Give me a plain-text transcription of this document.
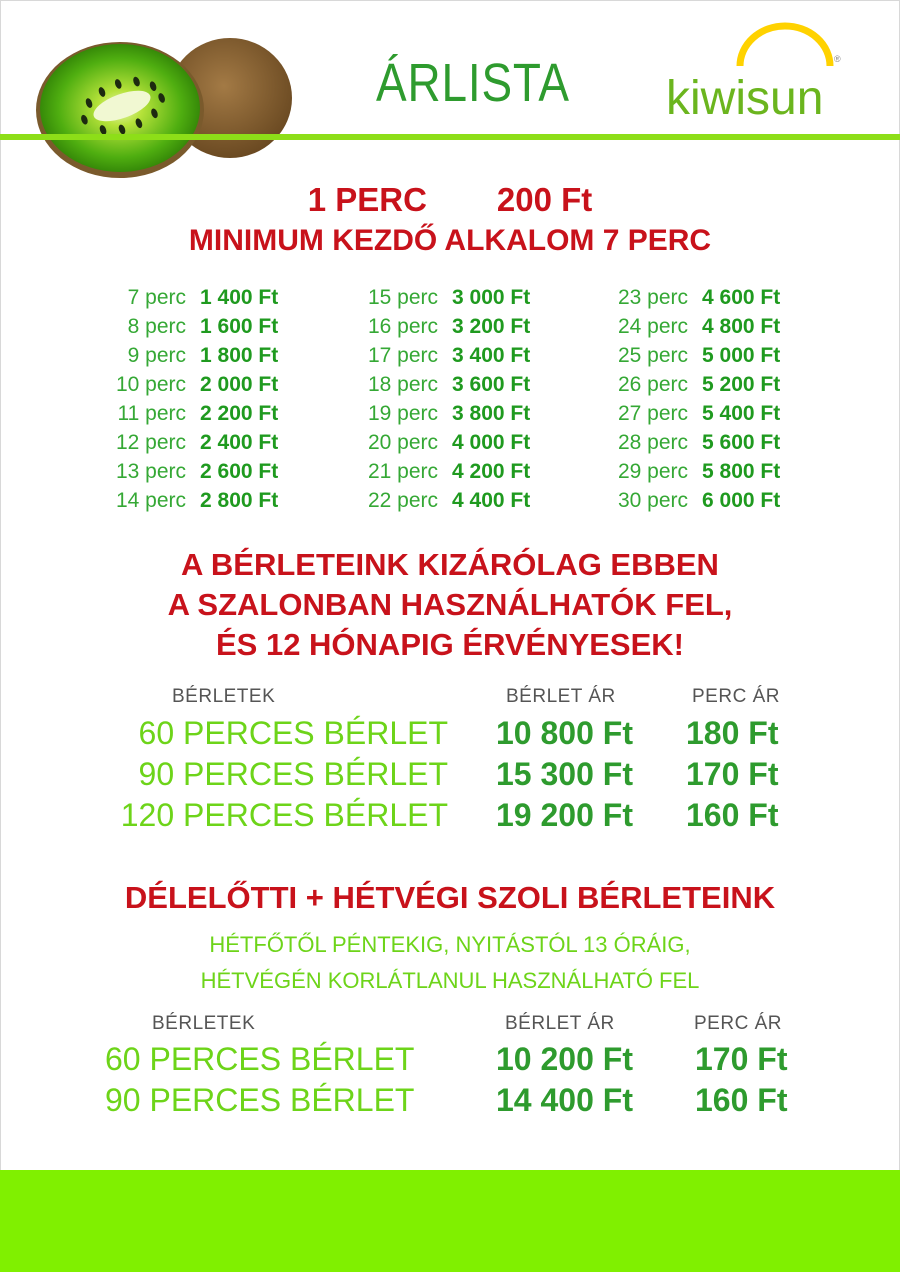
ÁRLISTA kiwisun
®
1 PERC 200 Ft
MINIMUM KEZDŐ ALKALOM 7 PERC
7 perc 1 400 Ft
8 perc 1 600 Ft
9 perc 1 800 Ft
10 perc 2 000 Ft
11 perc 2 200 Ft
12 perc 2 400 Ft
13 perc 2 600 Ft
14 perc 2 800 Ft
15 perc 3 000 Ft
16 perc 3 200 Ft
17 perc 3 400 Ft
18 perc 3 600 Ft
19 perc 3 800 Ft
20 perc 4 000 Ft
21 perc 4 200 Ft
22 perc 4 400 Ft
23 perc 4 600 Ft
24 perc 4 800 Ft
25 perc 5 000 Ft
26 perc 5 200 Ft
27 perc 5 400 Ft
28 perc 5 600 Ft
29 perc 5 800 Ft
30 perc 6 000 Ft
A BÉRLETEINK KIZÁRÓLAG EBBEN
A SZALONBAN HASZNÁLHATÓK FEL,
ÉS 12 HÓNAPIG ÉRVÉNYESEK!
BÉRLETEK	BÉRLET ÁR	PERC ÁR
60 PERCES BÉRLET 10 800 Ft 180 Ft
90 PERCES BÉRLET 15 300 Ft 170 Ft
120 PERCES BÉRLET 19 200 Ft 160 Ft
DÉLELŐTTI + HÉTVÉGI SZOLI BÉRLETEINK
HÉTFŐTŐL PÉNTEKIG, NYITÁSTÓL 13 ÓRÁIG,
HÉTVÉGÉN KORLÁTLANUL HASZNÁLHATÓ FEL
BÉRLETEK	BÉRLET ÁR	PERC ÁR
60 PERCES BÉRLET	10 200 Ft 170 Ft
90 PERCES BÉRLET	14 400 Ft 160 Ft
